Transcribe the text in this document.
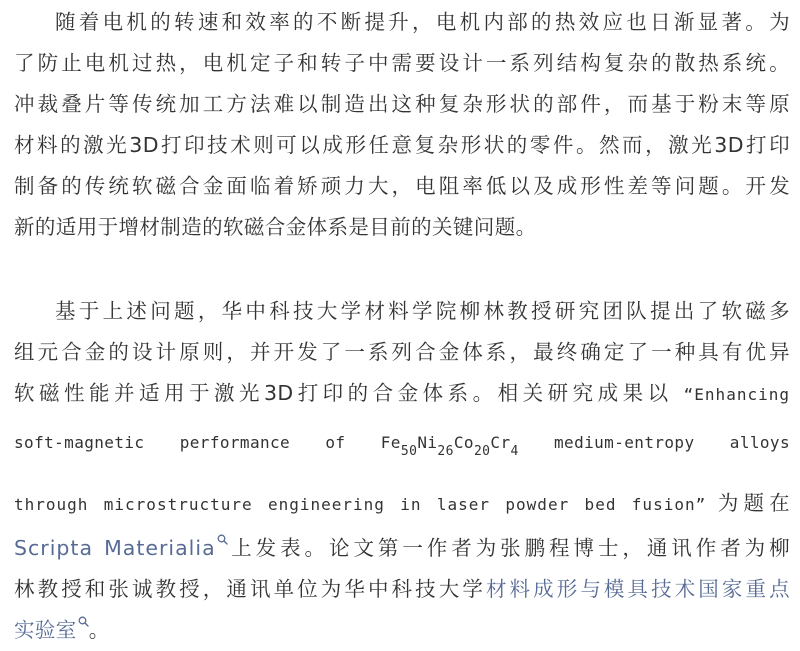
随着电机的转速和效率的不断提升，电机内部的热效应也日渐显著。为
了防止电机过热，电机定子和转子中需要设计一系列结构复杂的散热系统。
冲裁叠片等传统加工方法难以制造出这种复杂形状的部件，而基于粉末等原
材料的激光3D打印技术则可以成形任意复杂形状的零件。然而，激光3D打印
制备的传统软磁合金面临着矫顽力大，电阻率低以及成形性差等问题。开发
新的适用于增材制造的软磁合金体系是目前的关键问题。

基于上述问题，华中科技大学材料学院柳林教授研究团队提出了软磁多
组元合金的设计原则，并开发了一系列合金体系，最终确定了一种具有优异
软磁性能并适用于激光3D打印的合金体系。相关研究成果以 “Enhancing
soft-magnetic performance of $Fe_{50}Ni_{26}Co_{20}Cr_4$ medium-entropy alloys
through microstructure engineering in laser powder bed fusion” 为题在
Scripta Materialia 上发表。论文第一作者为张鹏程博士，通讯作者为柳
林教授和张诚教授，通讯单位为华中科技大学材料成形与模具技术国家重点
实验室 。
